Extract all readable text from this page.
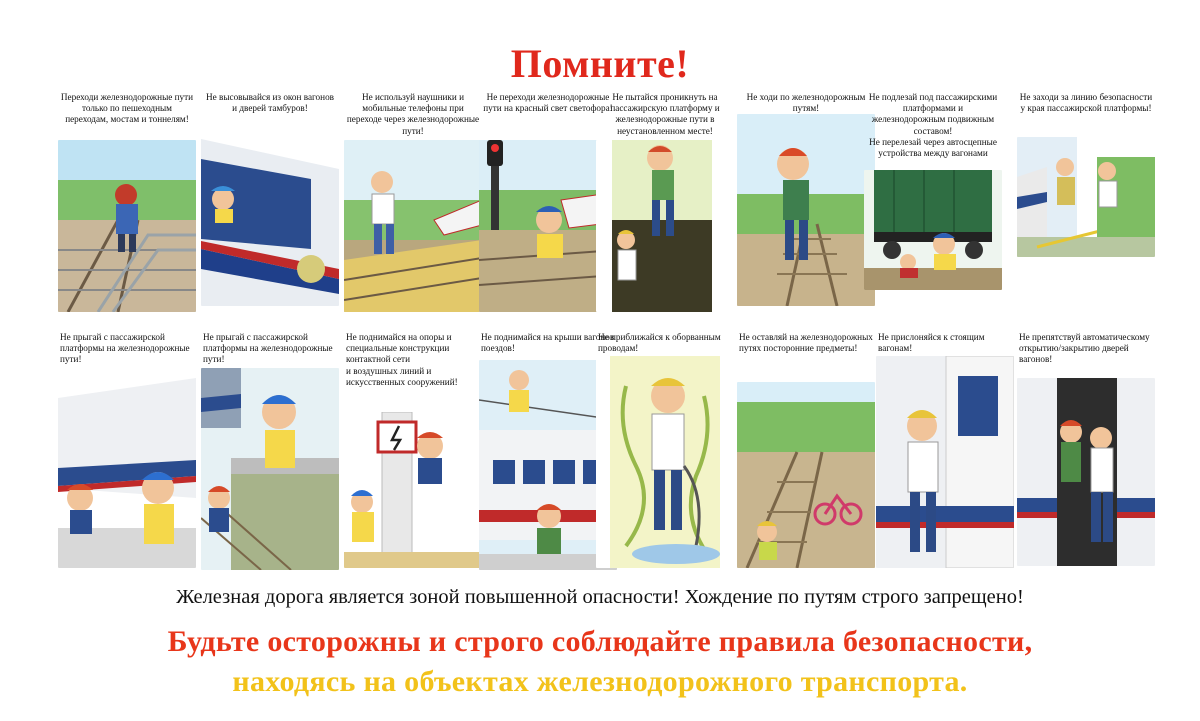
Помните!

Переходи железнодорожные пути только по пешеходным переходам, мостам и тоннелям!

Не высовывайся из окон вагонов и дверей тамбуров!

Не используй наушники и мобильные телефоны при переходе через железнодорожные пути!

Не переходи железнодорожные пути на красный свет светофора!

Не пытайся проникнуть на пассажирскую платформу и железнодорожные пути в неустановленном месте!

Не ходи по железнодорожным путям!

Не подлезай под пассажирскими платформами и железнодорожным подвижным составом!
Не перелезай через автосцепные устройства между вагонами

Не заходи за линию безопасности у края пассажирской платформы!

Не прыгай с пассажирской платформы на железнодорожные пути!

Не прыгай с пассажирской платформы на железнодорожные пути!

Не поднимайся на опоры и специальные конструкции контактной сети
и воздушных линий и искусственных сооружений!

Не поднимайся на крыши вагонов поездов!

Не приближайся к оборванным проводам!

Не оставляй на железнодорожных путях посторонние предметы!

Не прислоняйся к стоящим вагонам!

Не препятствуй автоматическому открытию/закрытию дверей вагонов!

Железная дорога является зоной повышенной опасности! Хождение по путям строго запрещено!
Будьте осторожны и строго соблюдайте правила безопасности,
находясь на объектах железнодорожного транспорта.
